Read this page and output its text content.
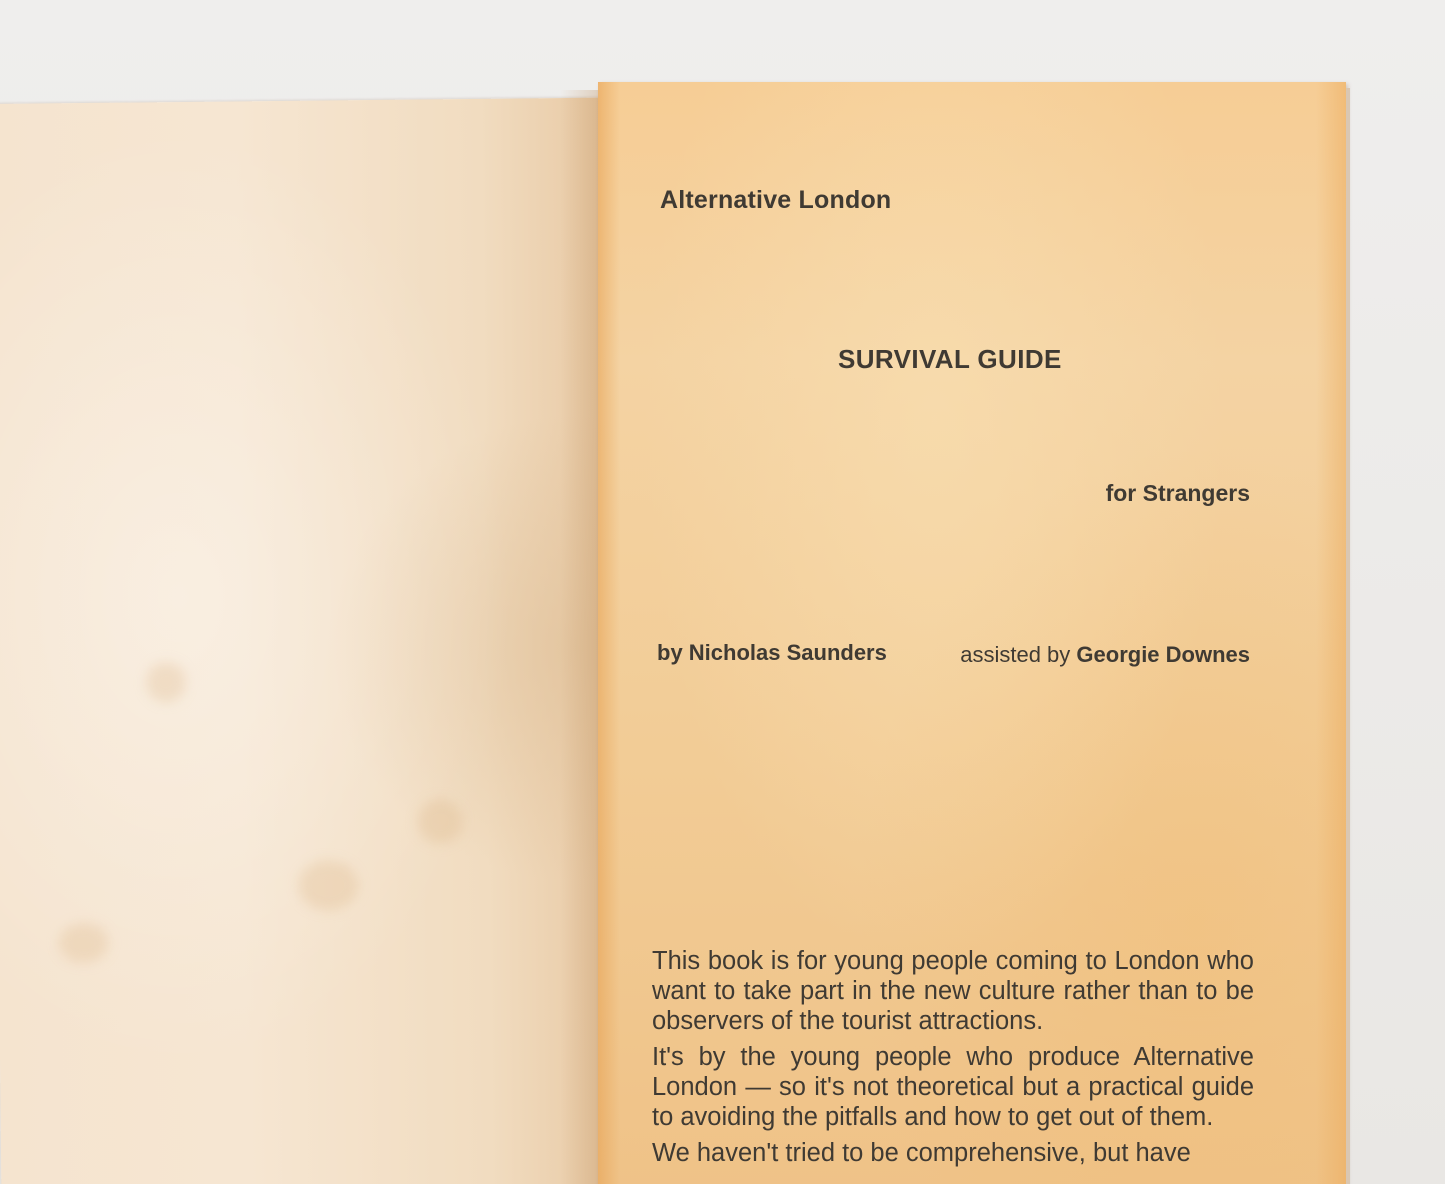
Alternative London
SURVIVAL GUIDE
for Strangers
by Nicholas Saunders	assisted by Georgie Downes

This book is for young people coming to London who want to take part in the new culture rather than to be observers of the tourist attractions.

It's by the young people who produce Alternative London — so it's not theoretical but a practical guide to avoiding the pitfalls and how to get out of them.

We haven't tried to be comprehensive, but have
